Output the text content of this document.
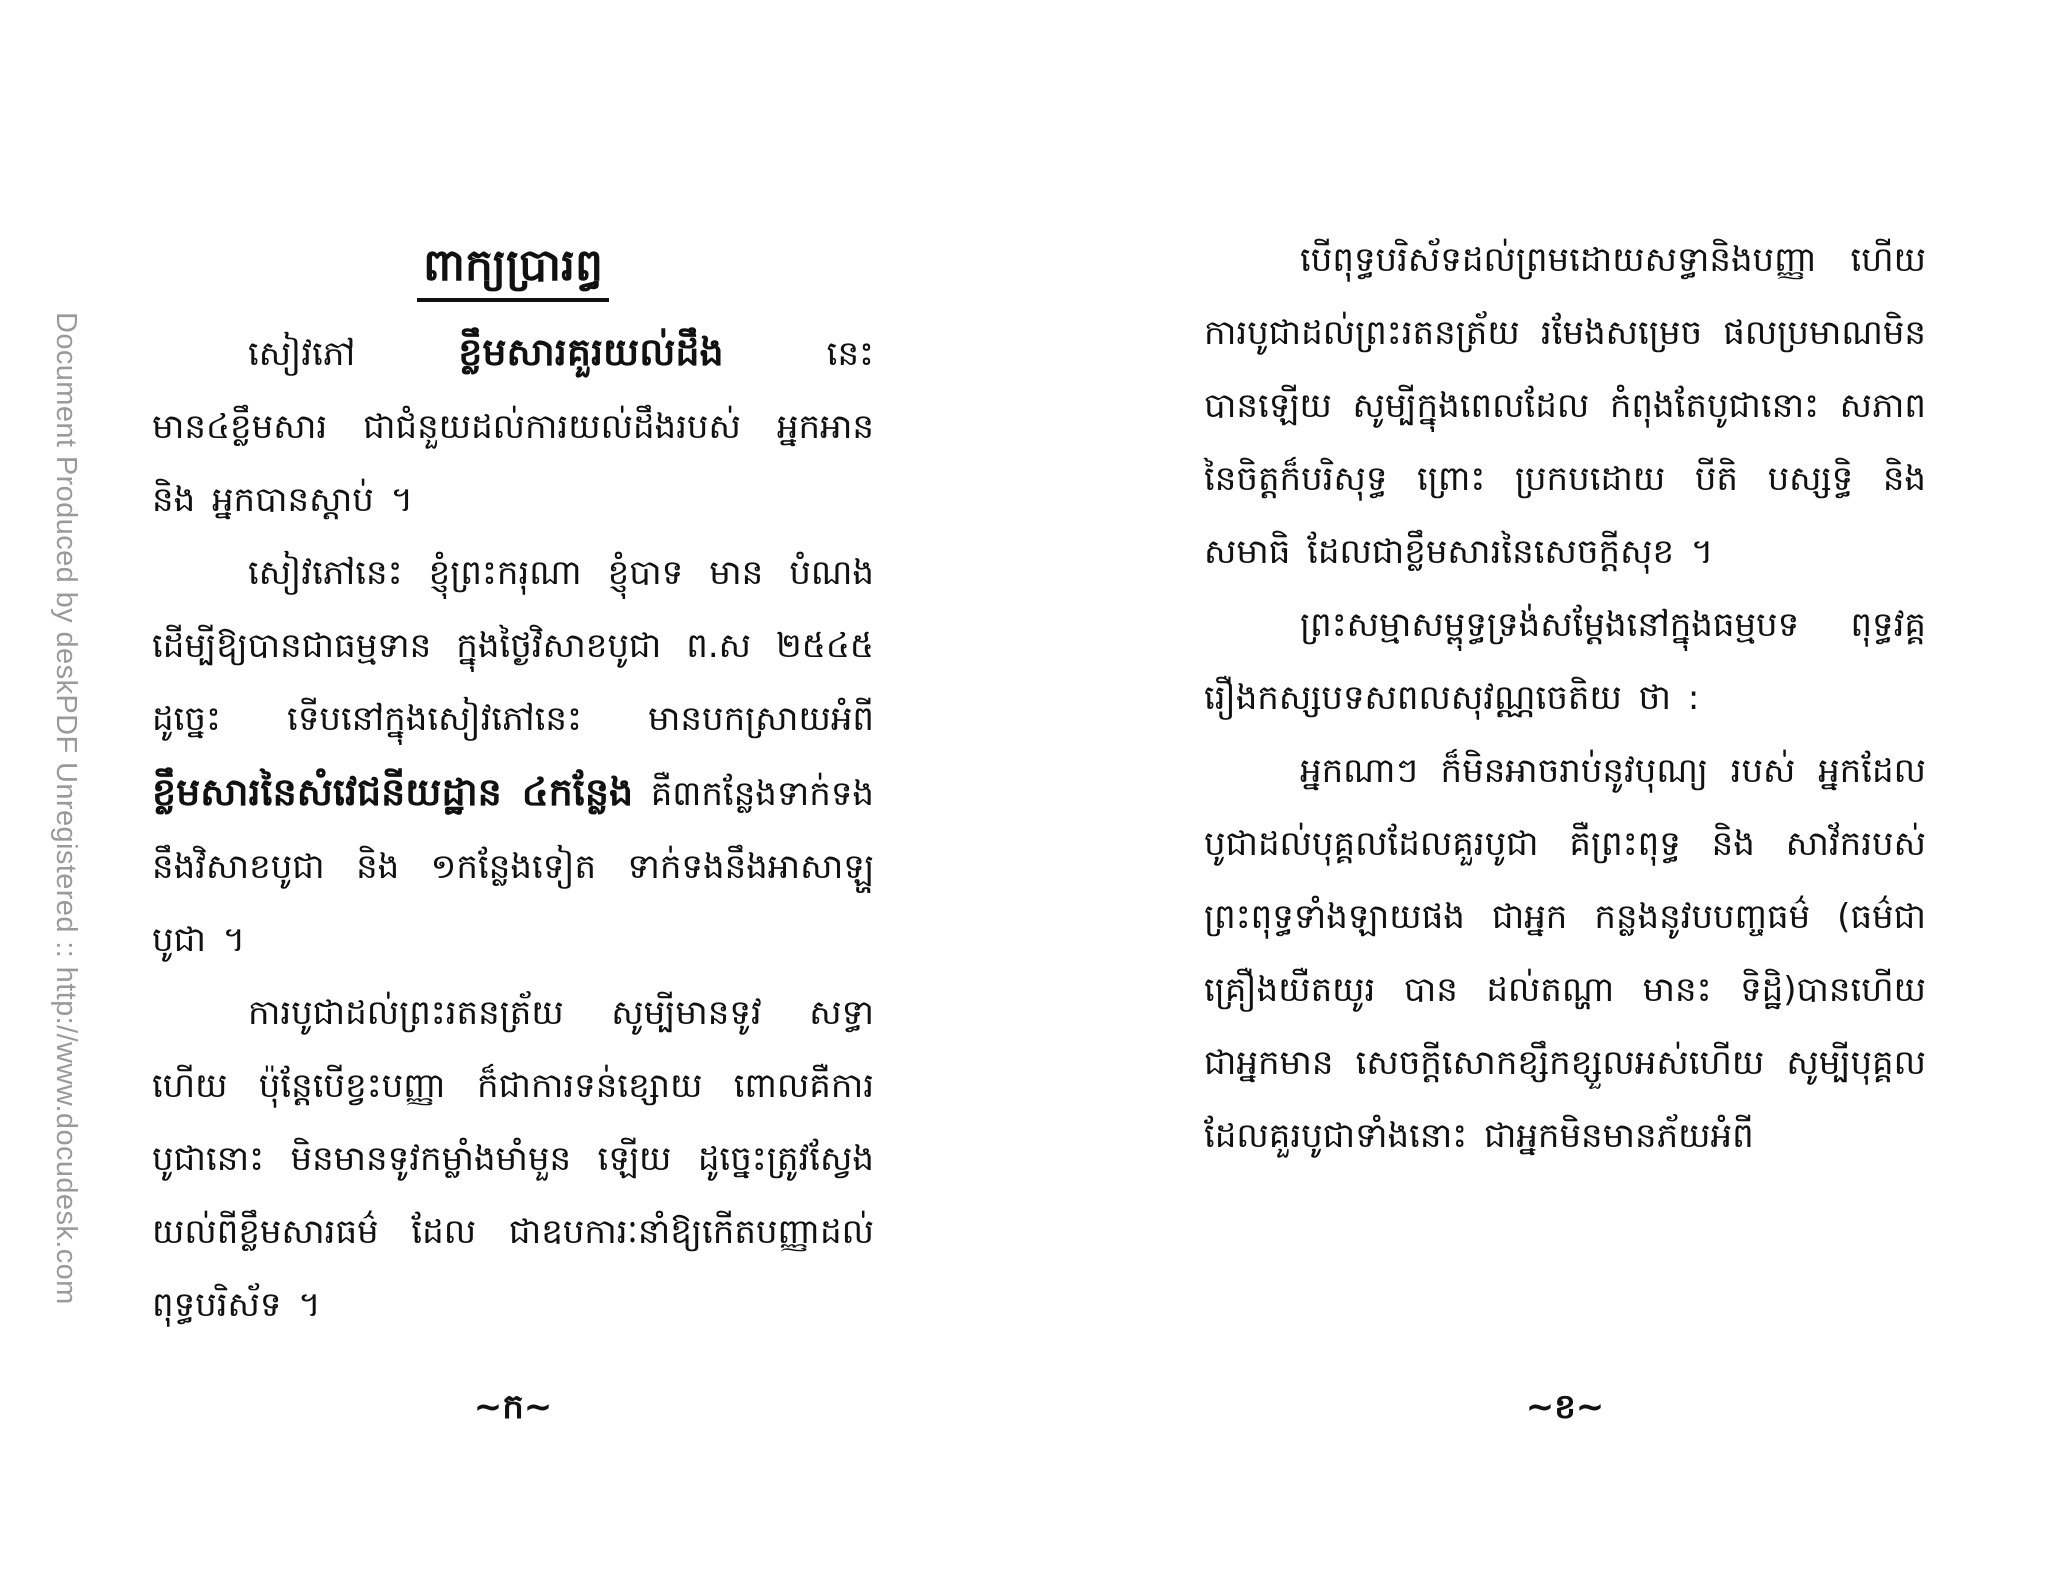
Document Produced by deskPDF Unregistered :: http://www.docudesk.com
ពាក្យប្រារព្ធ

សៀវភៅ ខ្លឹមសារគួរយល់ដឹង នេះ មាន៤ខ្លឹមសារ ជាជំនួយដល់ការយល់ដឹងរបស់ អ្នកអាន និង អ្នកបានស្តាប់ ។

សៀវភៅនេះ ខ្ញុំព្រះករុណា ខ្ញុំបាទ មាន បំណងដើម្បីឱ្យបានជាធម្មទាន ក្នុងថ្ងៃវិសាខបូជា ព.ស ២៥៤៥ ដូច្នេះ ទើបនៅក្នុងសៀវភៅនេះ មានបកស្រាយអំពី ខ្លឹមសារនៃសំវេជនីយដ្ឋាន ៤កន្លែង គឺ៣កន្លែងទាក់ទងនឹងវិសាខបូជា និង ១កន្លែងទៀត ទាក់ទងនឹងអាសាឡ្ហបូជា ។

ការបូជាដល់ព្រះរតនត្រ័យ សូម្បីមានទូវ សទ្ធាហើយ ប៉ុន្តែបើខ្វះបញ្ញា ក៏ជាការទន់ខ្សោយ ពោលគឺការបូជានោះ មិនមានទូវកម្លាំងមាំមួន ឡើយ ដូច្នេះត្រូវស្វែងយល់ពីខ្លឹមសារធម៌ ដែល ជាឧបការៈនាំឱ្យកើតបញ្ញាដល់ពុទ្ធបរិស័ទ ។

~ក~

បើពុទ្ធបរិស័ទដល់ព្រមដោយសទ្ធានិងបញ្ញា ហើយ ការបូជាដល់ព្រះរតនត្រ័យ រមែងសម្រេច ផលប្រមាណមិនបានឡើយ សូម្បីក្នុងពេលដែល កំពុងតែបូជានោះ សភាពនៃចិត្តក៏បរិសុទ្ធ ព្រោះ ប្រកបដោយ បីតិ បស្សទ្ធិ និង សមាធិ ដែលជាខ្លឹមសារនៃសេចក្ដីសុខ ។

ព្រះសម្មាសម្ពុទ្ធទ្រង់សម្ដែងនៅក្នុងធម្មបទ ពុទ្ធវគ្គ រឿងកស្សបទសពលសុវណ្ណចេតិយ ថា :

អ្នកណាៗ ក៏មិនអាចរាប់នូវបុណ្យ របស់ អ្នកដែលបូជាដល់បុគ្គលដែលគួរបូជា គឺព្រះពុទ្ធ និង សាវ័ករបស់ព្រះពុទ្ធទាំងឡាយផង ជាអ្នក កន្លងនូវបបញ្ចធម៌ (ធម៌ជាគ្រឿងយឺតយូរ បាន ដល់តណ្ហា មានះ ទិដ្ឋិ)បានហើយ ជាអ្នកមាន សេចក្ដីសោកខ្សឹកខ្សួលអស់ហើយ សូម្បីបុគ្គល ដែលគួរបូជាទាំងនោះ ជាអ្នកមិនមានភ័យអំពី

~ខ~
